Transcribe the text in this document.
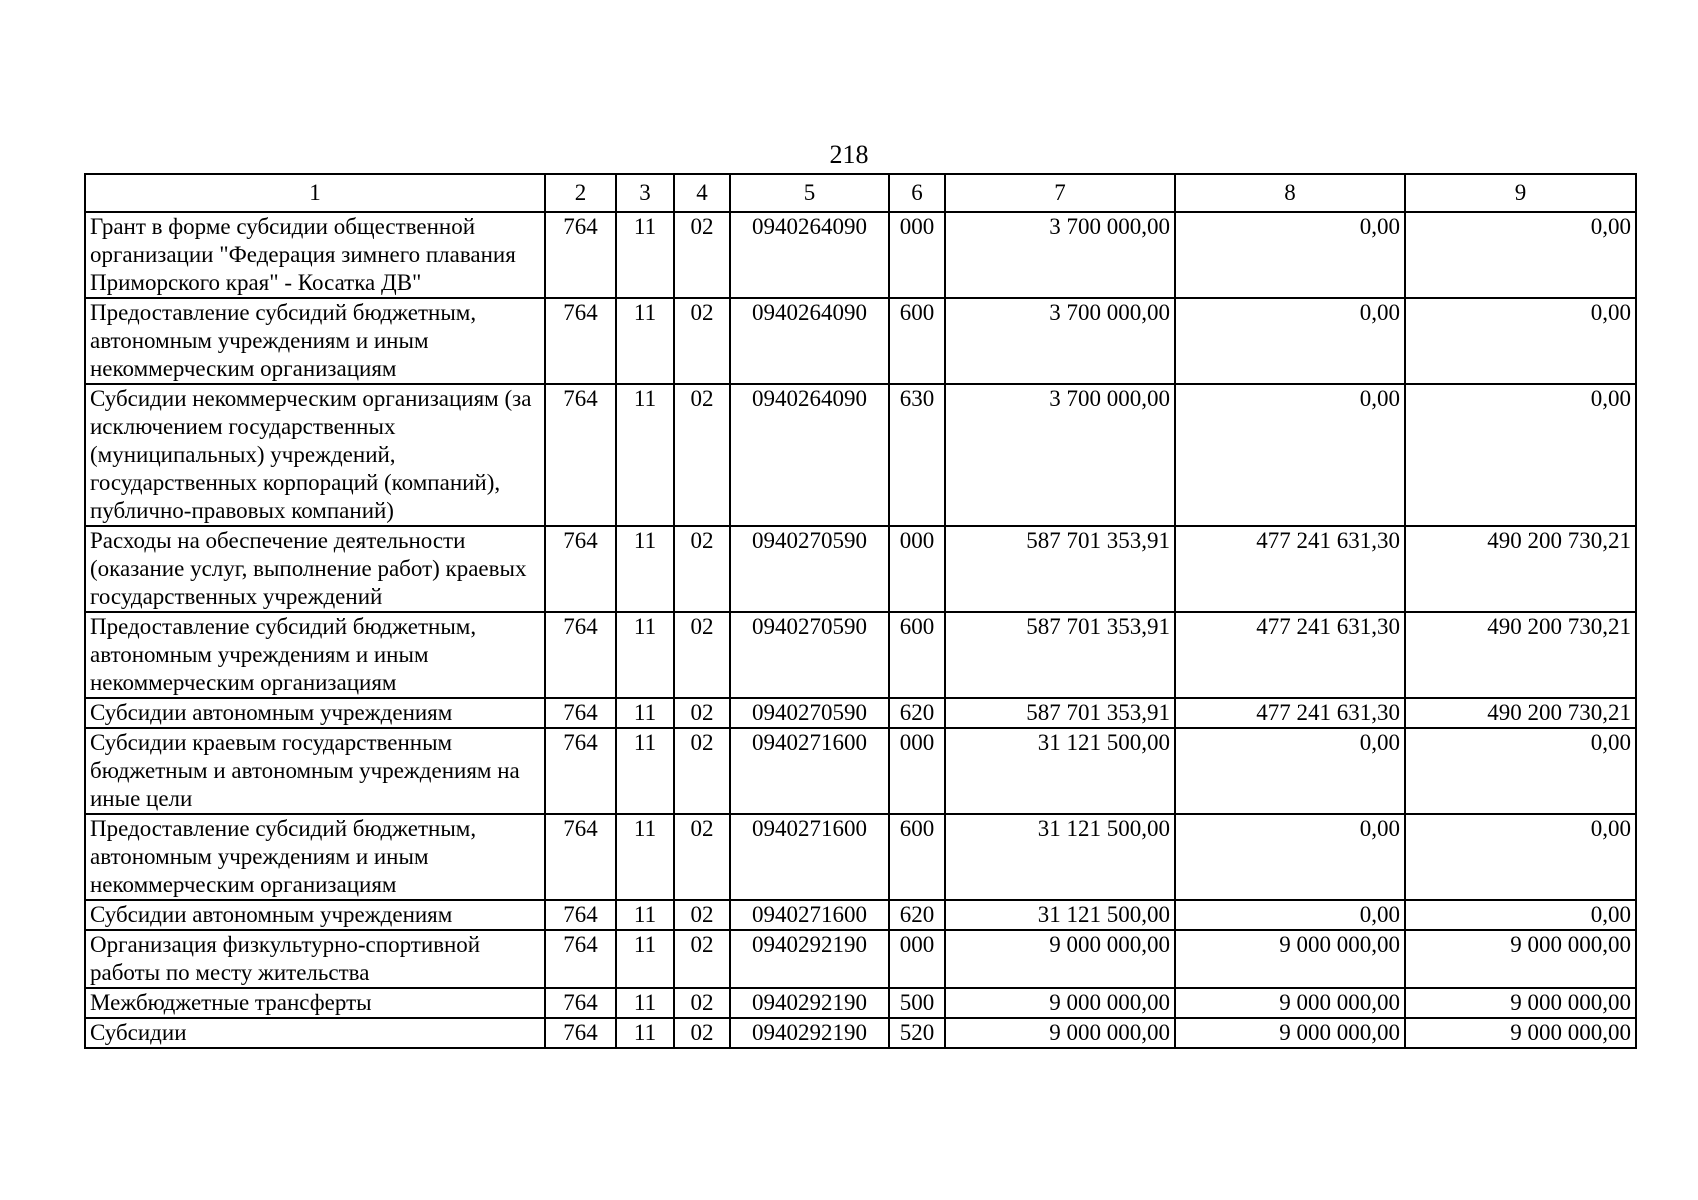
218
1	2	3	4	5	6	7	8	9
Грант в форме субсидии общественной организации "Федерация зимнего плавания Приморского края" - Косатка ДВ"	764	11	02	0940264090	000	3 700 000,00	0,00	0,00
Предоставление субсидий бюджетным, автономным учреждениям и иным некоммерческим организациям	764	11	02	0940264090	600	3 700 000,00	0,00	0,00
Субсидии некоммерческим организациям (за исключением государственных (муниципальных) учреждений, государственных корпораций (компаний), публично-правовых компаний)	764	11	02	0940264090	630	3 700 000,00	0,00	0,00
Расходы на обеспечение деятельности (оказание услуг, выполнение работ) краевых государственных учреждений	764	11	02	0940270590	000	587 701 353,91	477 241 631,30	490 200 730,21
Предоставление субсидий бюджетным, автономным учреждениям и иным некоммерческим организациям	764	11	02	0940270590	600	587 701 353,91	477 241 631,30	490 200 730,21
Субсидии автономным учреждениям	764	11	02	0940270590	620	587 701 353,91	477 241 631,30	490 200 730,21
Субсидии краевым государственным бюджетным и автономным учреждениям на иные цели	764	11	02	0940271600	000	31 121 500,00	0,00	0,00
Предоставление субсидий бюджетным, автономным учреждениям и иным некоммерческим организациям	764	11	02	0940271600	600	31 121 500,00	0,00	0,00
Субсидии автономным учреждениям	764	11	02	0940271600	620	31 121 500,00	0,00	0,00
Организация физкультурно-спортивной работы по месту жительства	764	11	02	0940292190	000	9 000 000,00	9 000 000,00	9 000 000,00
Межбюджетные трансферты	764	11	02	0940292190	500	9 000 000,00	9 000 000,00	9 000 000,00
Субсидии	764	11	02	0940292190	520	9 000 000,00	9 000 000,00	9 000 000,00
